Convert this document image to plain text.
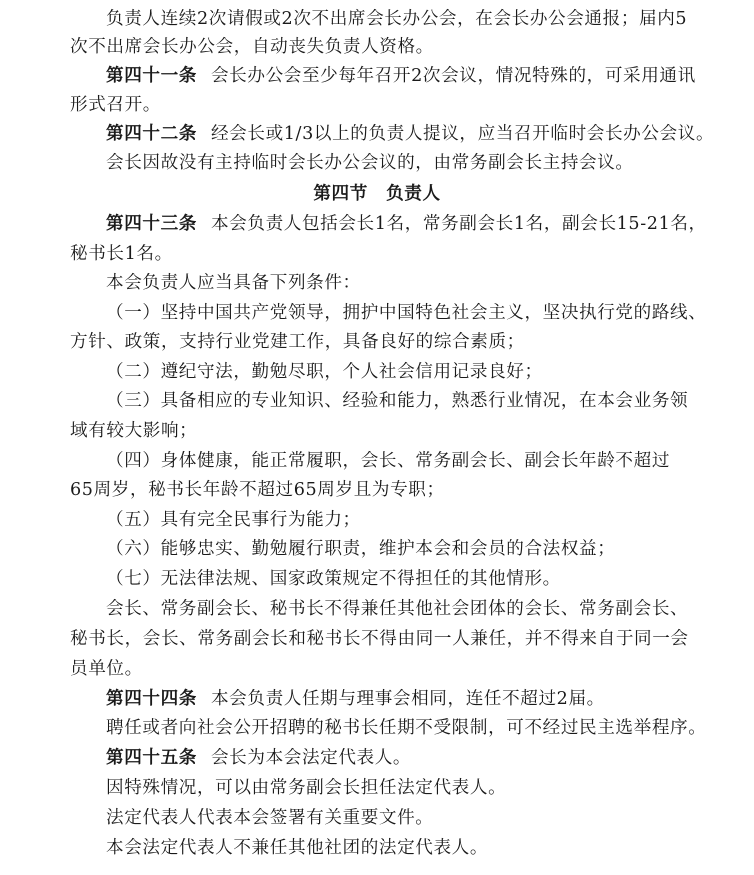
负责人连续2次请假或2次不出席会长办公会，在会长办公会通报；届内5
次不出席会长办公会，自动丧失负责人资格。
第四十一条 会长办公会至少每年召开2次会议，情况特殊的，可采用通讯
形式召开。
第四十二条 经会长或1/3以上的负责人提议，应当召开临时会长办公会议。
会长因故没有主持临时会长办公会议的，由常务副会长主持会议。
第四节　负责人
第四十三条 本会负责人包括会长1名，常务副会长1名，副会长15-21名，
秘书长1名。
本会负责人应当具备下列条件：
（一）坚持中国共产党领导，拥护中国特色社会主义，坚决执行党的路线、
方针、政策，支持行业党建工作，具备良好的综合素质；
（二）遵纪守法，勤勉尽职，个人社会信用记录良好；
（三）具备相应的专业知识、经验和能力，熟悉行业情况，在本会业务领
域有较大影响；
（四）身体健康，能正常履职，会长、常务副会长、副会长年龄不超过
65周岁，秘书长年龄不超过65周岁且为专职；
（五）具有完全民事行为能力；
（六）能够忠实、勤勉履行职责，维护本会和会员的合法权益；
（七）无法律法规、国家政策规定不得担任的其他情形。
会长、常务副会长、秘书长不得兼任其他社会团体的会长、常务副会长、
秘书长，会长、常务副会长和秘书长不得由同一人兼任，并不得来自于同一会
员单位。
第四十四条 本会负责人任期与理事会相同，连任不超过2届。
聘任或者向社会公开招聘的秘书长任期不受限制，可不经过民主选举程序。
第四十五条 会长为本会法定代表人。
因特殊情况，可以由常务副会长担任法定代表人。
法定代表人代表本会签署有关重要文件。
本会法定代表人不兼任其他社团的法定代表人。
